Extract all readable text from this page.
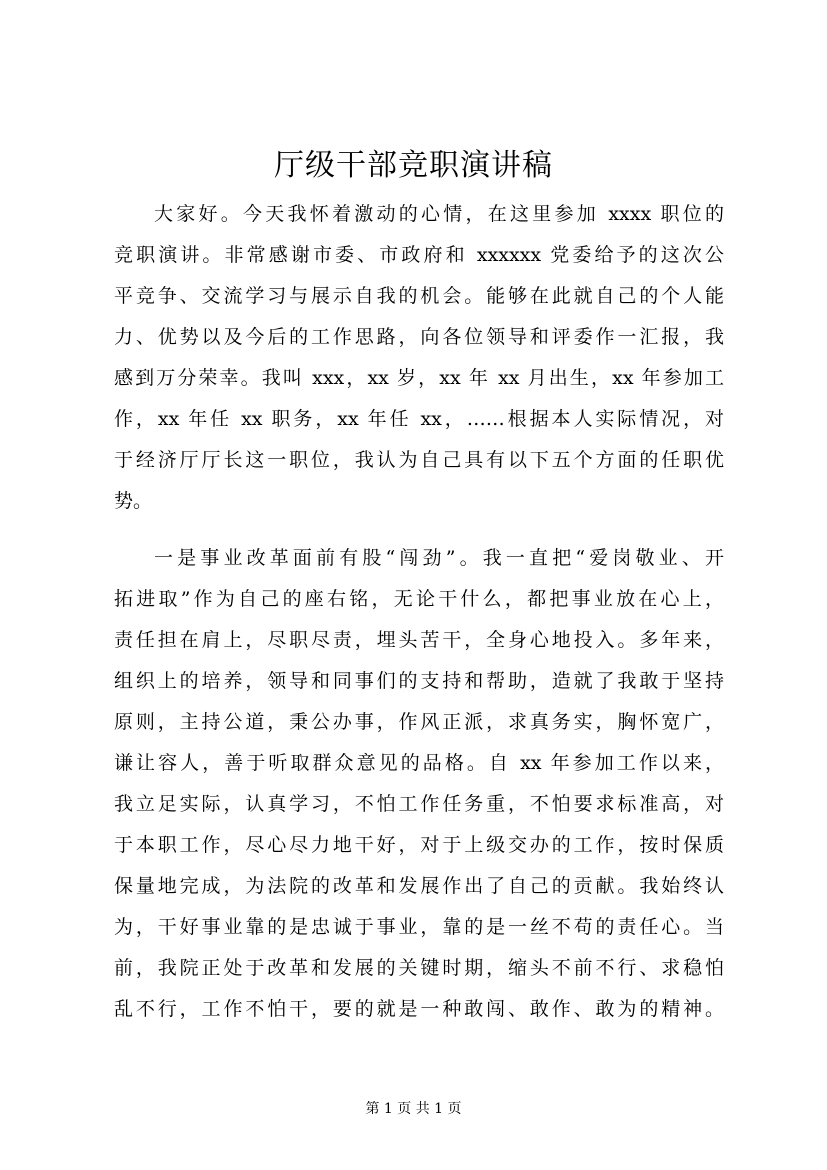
厅级干部竞职演讲稿
大家好。今天我怀着激动的心情，在这里参加 xxxx 职位的
竞职演讲。非常感谢市委、市政府和 xxxxxx 党委给予的这次公
平竞争、交流学习与展示自我的机会。能够在此就自己的个人能
力、优势以及今后的工作思路，向各位领导和评委作一汇报，我
感到万分荣幸。我叫 xxx，xx 岁，xx 年 xx 月出生，xx 年参加工
作，xx 年任 xx 职务，xx 年任 xx，……根据本人实际情况，对
于经济厅厅长这一职位，我认为自己具有以下五个方面的任职优
势。
一是事业改革面前有股“闯劲”。我一直把“爱岗敬业、开
拓进取”作为自己的座右铭，无论干什么，都把事业放在心上，
责任担在肩上，尽职尽责，埋头苦干，全身心地投入。多年来，
组织上的培养，领导和同事们的支持和帮助，造就了我敢于坚持
原则，主持公道，秉公办事，作风正派，求真务实，胸怀宽广，
谦让容人，善于听取群众意见的品格。自 xx 年参加工作以来，
我立足实际，认真学习，不怕工作任务重，不怕要求标准高，对
于本职工作，尽心尽力地干好，对于上级交办的工作，按时保质
保量地完成，为法院的改革和发展作出了自己的贡献。我始终认
为，干好事业靠的是忠诚于事业，靠的是一丝不苟的责任心。当
前，我院正处于改革和发展的关键时期，缩头不前不行、求稳怕
乱不行，工作不怕干，要的就是一种敢闯、敢作、敢为的精神。
第 1 页 共 1 页
